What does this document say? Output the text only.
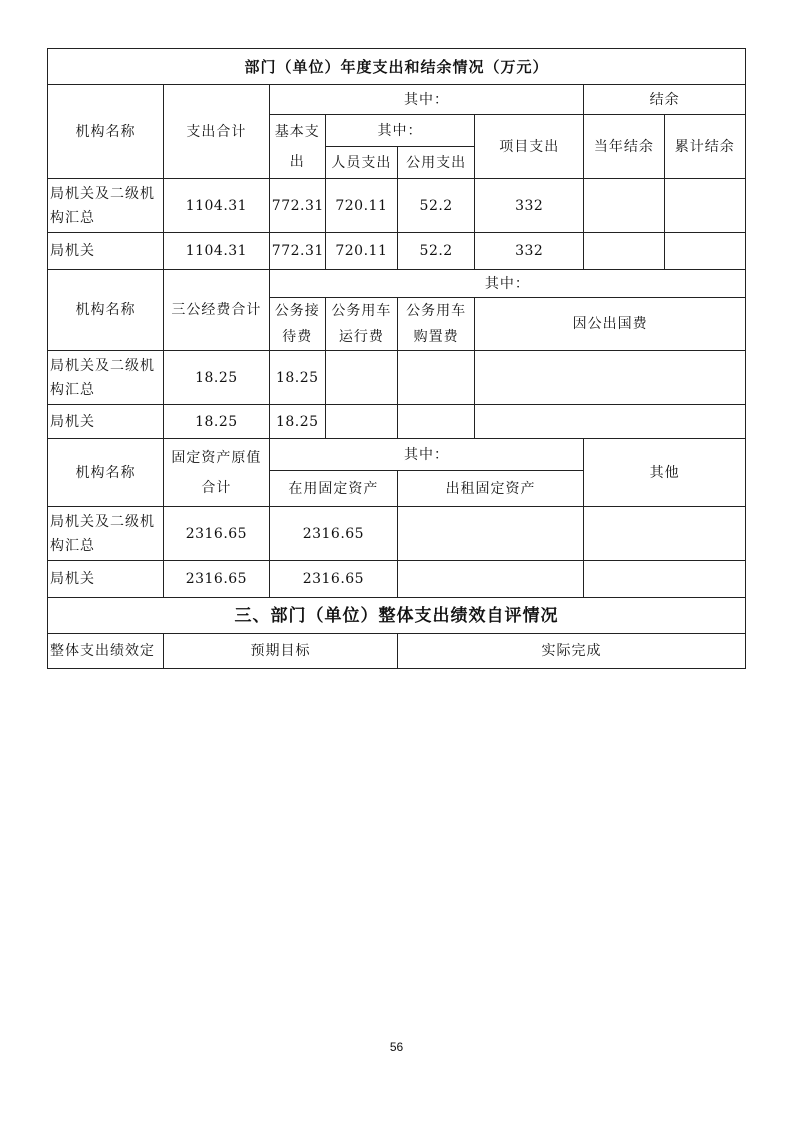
部门（单位）年度支出和结余情况（万元）							
机构名称	支出合计	其中：				结余	
		基本支出	其中：		项目支出	当年结余	累计结余
			人员支出	公用支出			
局机关及二级机构汇总	1104.31	772.31	720.11	52.2	332		
局机关	1104.31	772.31	720.11	52.2	332		
机构名称	三公经费合计	其中：					
		公务接待费	公务用车运行费	公务用车购置费	因公出国费		
局机关及二级机构汇总	18.25	18.25					
局机关	18.25	18.25					
机构名称	固定资产原值合计	其中：				其他	
		在用固定资产		出租固定资产			
局机关及二级机构汇总	2316.65	2316.65					
局机关	2316.65	2316.65					
三、部门（单位）整体支出绩效自评情况							
整体支出绩效定	预期目标			实际完成			
56
